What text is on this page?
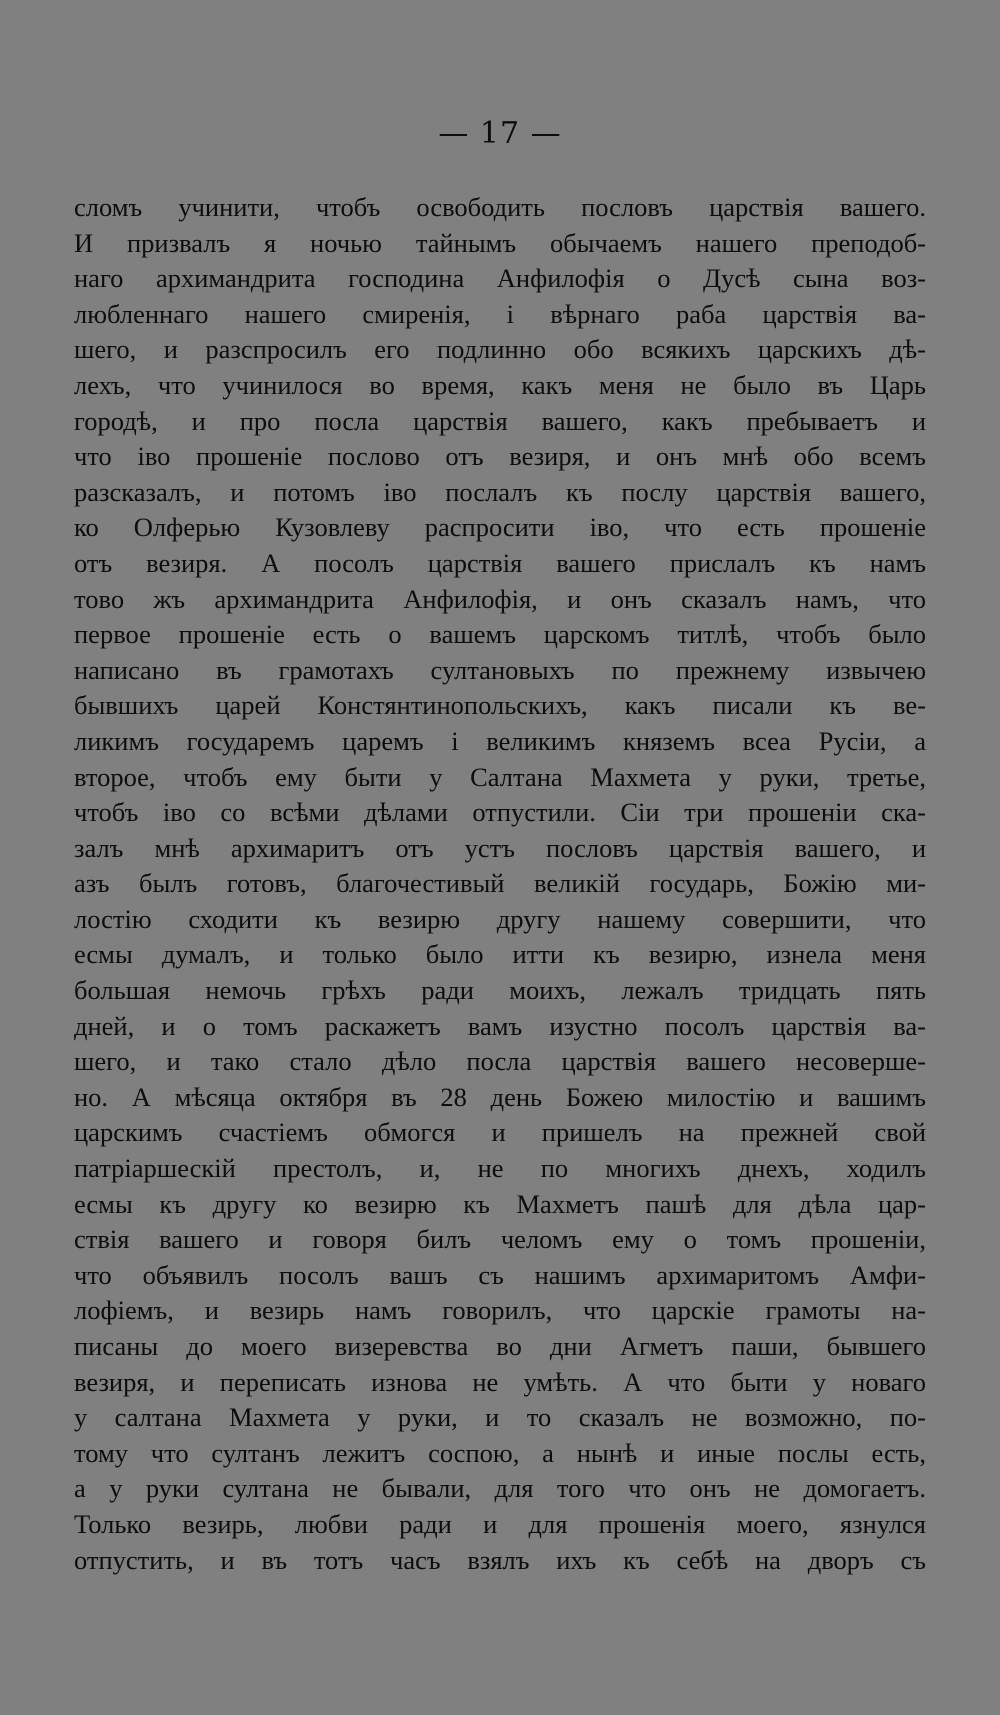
— 17 —
сломъ учинити, чтобъ освободить пословъ царствія вашего.
И призвалъ я ночью тайнымъ обычаемъ нашего преподоб-
наго архимандрита господина Анфилофія о Дусѣ сына воз-
любленнаго нашего смиренія, і вѣрнаго раба царствія ва-
шего, и разспросилъ его подлинно обо всякихъ царскихъ дѣ-
лехъ, что учинилося во время, какъ меня не было въ Царь
городѣ, и про посла царствія вашего, какъ пребываетъ и
что іво прошеніе послово отъ везиря, и онъ мнѣ обо всемъ
разсказалъ, и потомъ іво послалъ къ послу царствія вашего,
ко Олферью Кузовлеву распросити іво, что есть прошеніе
отъ везиря. А посолъ царствія вашего прислалъ къ намъ
тово жъ архимандрита Анфилофія, и онъ сказалъ намъ, что
первое прошеніе есть о вашемъ царскомъ титлѣ, чтобъ было
написано въ грамотахъ султановыхъ по прежнему извычею
бывшихъ царей Констянтинопольскихъ, какъ писали къ ве-
ликимъ государемъ царемъ і великимъ княземъ всеа Русіи, а
второе, чтобъ ему быти у Салтана Махмета у руки, третье,
чтобъ іво со всѣми дѣлами отпустили. Сіи три прошеніи ска-
залъ мнѣ архимаритъ отъ устъ пословъ царствія вашего, и
азъ былъ готовъ, благочестивый великій государь, Божію ми-
лостію сходити къ везирю другу нашему совершити, что
есмы думалъ, и только было итти къ везирю, изнела меня
большая немочь грѣхъ ради моихъ, лежалъ тридцать пять
дней, и о томъ раскажетъ вамъ изустно посолъ царствія ва-
шего, и тако стало дѣло посла царствія вашего несоверше-
но. А мѣсяца октября въ 28 день Божею милостію и вашимъ
царскимъ счастіемъ обмогся и пришелъ на прежней свой
патріаршескій престолъ, и, не по многихъ днехъ, ходилъ
есмы къ другу ко везирю къ Махметъ пашѣ для дѣла цар-
ствія вашего и говоря билъ челомъ ему о томъ прошеніи,
что объявилъ посолъ вашъ съ нашимъ архимаритомъ Амфи-
лофіемъ, и везирь намъ говорилъ, что царскіе грамоты на-
писаны до моего визеревства во дни Агметъ паши, бывшего
везиря, и переписать изнова не умѣть. А что быти у новаго
у салтана Махмета у руки, и то сказалъ не возможно, по-
тому что султанъ лежитъ соспою, а нынѣ и иные послы есть,
а у руки султана не бывали, для того что онъ не домогаетъ.
Только везирь, любви ради и для прошенія моего, язнулся
отпустить, и въ тотъ часъ взялъ ихъ къ себѣ на дворъ съ
